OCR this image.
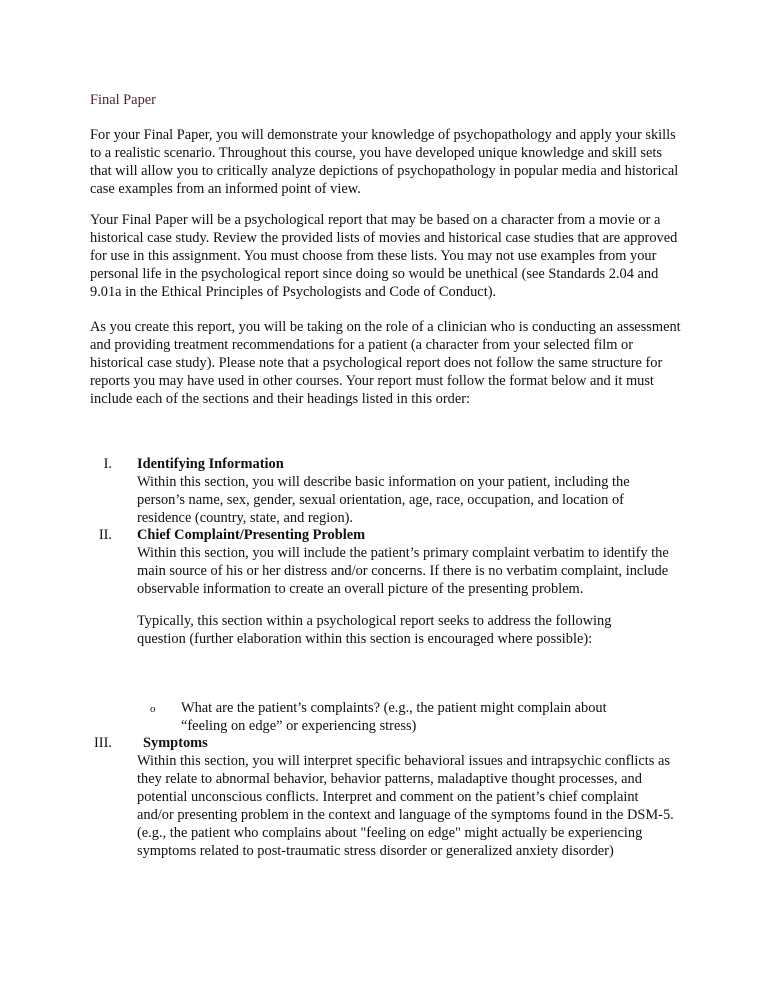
Final Paper
For your Final Paper, you will demonstrate your knowledge of psychopathology and apply your skills to a realistic scenario. Throughout this course, you have developed unique knowledge and skill sets that will allow you to critically analyze depictions of psychopathology in popular media and historical case examples from an informed point of view.
Your Final Paper will be a psychological report that may be based on a character from a movie or a historical case study. Review the provided lists of movies and historical case studies that are approved for use in this assignment. You must choose from these lists. You may not use examples from your personal life in the psychological report since doing so would be unethical (see Standards 2.04 and 9.01a in the Ethical Principles of Psychologists and Code of Conduct).
As you create this report, you will be taking on the role of a clinician who is conducting an assessment and providing treatment recommendations for a patient (a character from your selected film or historical case study). Please note that a psychological report does not follow the same structure for reports you may have used in other courses. Your report must follow the format below and it must include each of the sections and their headings listed in this order:
I. Identifying Information
Within this section, you will describe basic information on your patient, including the person’s name, sex, gender, sexual orientation, age, race, occupation, and location of residence (country, state, and region).
II. Chief Complaint/Presenting Problem
Within this section, you will include the patient’s primary complaint verbatim to identify the main source of his or her distress and/or concerns. If there is no verbatim complaint, include observable information to create an overall picture of the presenting problem.
Typically, this section within a psychological report seeks to address the following question (further elaboration within this section is encouraged where possible):
o What are the patient’s complaints? (e.g., the patient might complain about “feeling on edge” or experiencing stress)
III. Symptoms
Within this section, you will interpret specific behavioral issues and intrapsychic conflicts as they relate to abnormal behavior, behavior patterns, maladaptive thought processes, and potential unconscious conflicts. Interpret and comment on the patient’s chief complaint and/or presenting problem in the context and language of the symptoms found in the DSM-5. (e.g., the patient who complains about "feeling on edge" might actually be experiencing symptoms related to post-traumatic stress disorder or generalized anxiety disorder)
